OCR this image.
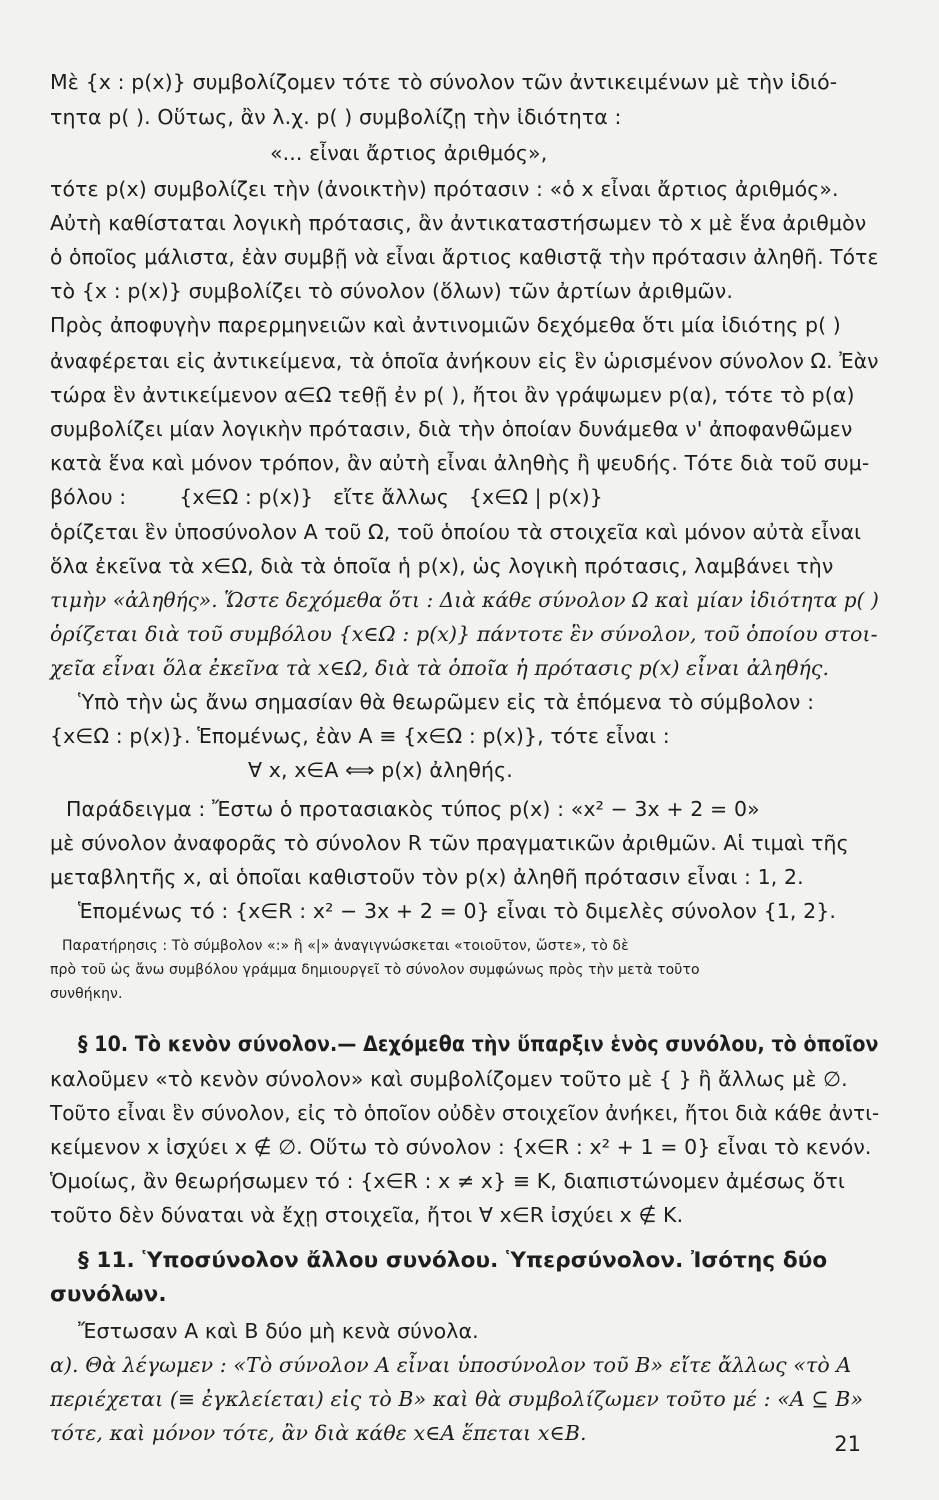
Μὲ {x : p(x)} συμβολίζομεν τότε τὸ σύνολον τῶν ἀντικειμένων μὲ τὴν ἰδιό-
τητα p( ). Οὕτως, ἂν λ.χ. p( ) συμβολίζῃ τὴν ἰδιότητα :
«... εἶναι ἄρτιος ἀριθμός»,
τότε p(x) συμβολίζει τὴν (ἀνοικτὴν) πρότασιν : «ὁ x εἶναι ἄρτιος ἀριθμός».
Αὐτὴ καθίσταται λογικὴ πρότασις, ἂν ἀντικαταστήσωμεν τὸ x μὲ ἕνα ἀριθμὸν
ὁ ὁποῖος μάλιστα, ἐὰν συμβῇ νὰ εἶναι ἄρτιος καθιστᾷ τὴν πρότασιν ἀληθῆ. Τότε
τὸ {x : p(x)} συμβολίζει τὸ σύνολον (ὅλων) τῶν ἀρτίων ἀριθμῶν.
Πρὸς ἀποφυγὴν παρερμηνειῶν καὶ ἀντινομιῶν δεχόμεθα ὅτι μία ἰδιότης p( )
ἀναφέρεται εἰς ἀντικείμενα, τὰ ὁποῖα ἀνήκουν εἰς ἓν ὡρισμένον σύνολον Ω. Ἐὰν
τώρα ἓν ἀντικείμενον α∈Ω τεθῇ ἐν p( ), ἤτοι ἂν γράψωμεν p(α), τότε τὸ p(α)
συμβολίζει μίαν λογικὴν πρότασιν, διὰ τὴν ὁποίαν δυνάμεθα ν' ἀποφανθῶμεν
κατὰ ἕνα καὶ μόνον τρόπον, ἂν αὐτὴ εἶναι ἀληθὴς ἢ ψευδής. Τότε διὰ τοῦ συμ-
βόλου :        {x∈Ω : p(x)}   εἴτε ἄλλως   {x∈Ω | p(x)}
ὁρίζεται ἓν ὑποσύνολον A τοῦ Ω, τοῦ ὁποίου τὰ στοιχεῖα καὶ μόνον αὐτὰ εἶναι
ὅλα ἐκεῖνα τὰ x∈Ω, διὰ τὰ ὁποῖα ἡ p(x), ὡς λογικὴ πρότασις, λαμβάνει τὴν
τιμὴν «ἀληθής». Ὥστε δεχόμεθα ὅτι : Διὰ κάθε σύνολον Ω καὶ μίαν ἰδιότητα p( )
ὁρίζεται διὰ τοῦ συμβόλου {x∈Ω : p(x)} πάντοτε ἓν σύνολον, τοῦ ὁποίου στοι-
χεῖα εἶναι ὅλα ἐκεῖνα τὰ x∈Ω, διὰ τὰ ὁποῖα ἡ πρότασις p(x) εἶναι ἀληθής.
Ὑπὸ τὴν ὡς ἄνω σημασίαν θὰ θεωρῶμεν εἰς τὰ ἑπόμενα τὸ σύμβολον :
{x∈Ω : p(x)}. Ἑπομένως, ἐὰν A ≡ {x∈Ω : p(x)}, τότε εἶναι :
∀ x, x∈A ⟺ p(x) ἀληθής.
Παράδειγμα : Ἔστω ὁ προτασιακὸς τύπος p(x) : «x² − 3x + 2 = 0»
μὲ σύνολον ἀναφορᾶς τὸ σύνολον R τῶν πραγματικῶν ἀριθμῶν. Αἱ τιμαὶ τῆς
μεταβλητῆς x, αἱ ὁποῖαι καθιστοῦν τὸν p(x) ἀληθῆ πρότασιν εἶναι : 1, 2.
Ἑπομένως τό : {x∈R : x² − 3x + 2 = 0} εἶναι τὸ διμελὲς σύνολον {1, 2}.
Παρατήρησις : Τὸ σύμβολον «:» ἢ «|» ἀναγιγνώσκεται «τοιοῦτον, ὥστε», τὸ δὲ
πρὸ τοῦ ὡς ἄνω συμβόλου γράμμα δημιουργεῖ τὸ σύνολον συμφώνως πρὸς τὴν μετὰ τοῦτο
συνθήκην.
§ 10. Τὸ κενὸν σύνολον.— Δεχόμεθα τὴν ὕπαρξιν ἑνὸς συνόλου, τὸ ὁποῖον
καλοῦμεν «τὸ κενὸν σύνολον» καὶ συμβολίζομεν τοῦτο μὲ { } ἢ ἄλλως μὲ ∅.
Τοῦτο εἶναι ἓν σύνολον, εἰς τὸ ὁποῖον οὐδὲν στοιχεῖον ἀνήκει, ἤτοι διὰ κάθε ἀντι-
κείμενον x ἰσχύει x ∉ ∅. Οὕτω τὸ σύνολον : {x∈R : x² + 1 = 0} εἶναι τὸ κενόν.
Ὁμοίως, ἂν θεωρήσωμεν τό : {x∈R : x ≠ x} ≡ K, διαπιστώνομεν ἀμέσως ὅτι
τοῦτο δὲν δύναται νὰ ἔχῃ στοιχεῖα, ἤτοι ∀ x∈R ἰσχύει x ∉ K.
§ 11. Ὑποσύνολον ἄλλου συνόλου. Ὑπερσύνολον. Ἰσότης δύο
συνόλων.
Ἔστωσαν A καὶ B δύο μὴ κενὰ σύνολα.
α). Θὰ λέγωμεν : «Τὸ σύνολον A εἶναι ὑποσύνολον τοῦ B» εἴτε ἄλλως «τὸ A
περιέχεται (≡ ἐγκλείεται) εἰς τὸ B» καὶ θὰ συμβολίζωμεν τοῦτο μέ : «A ⊆ B»
τότε, καὶ μόνον τότε, ἂν διὰ κάθε x∈A ἕπεται x∈B.	21
